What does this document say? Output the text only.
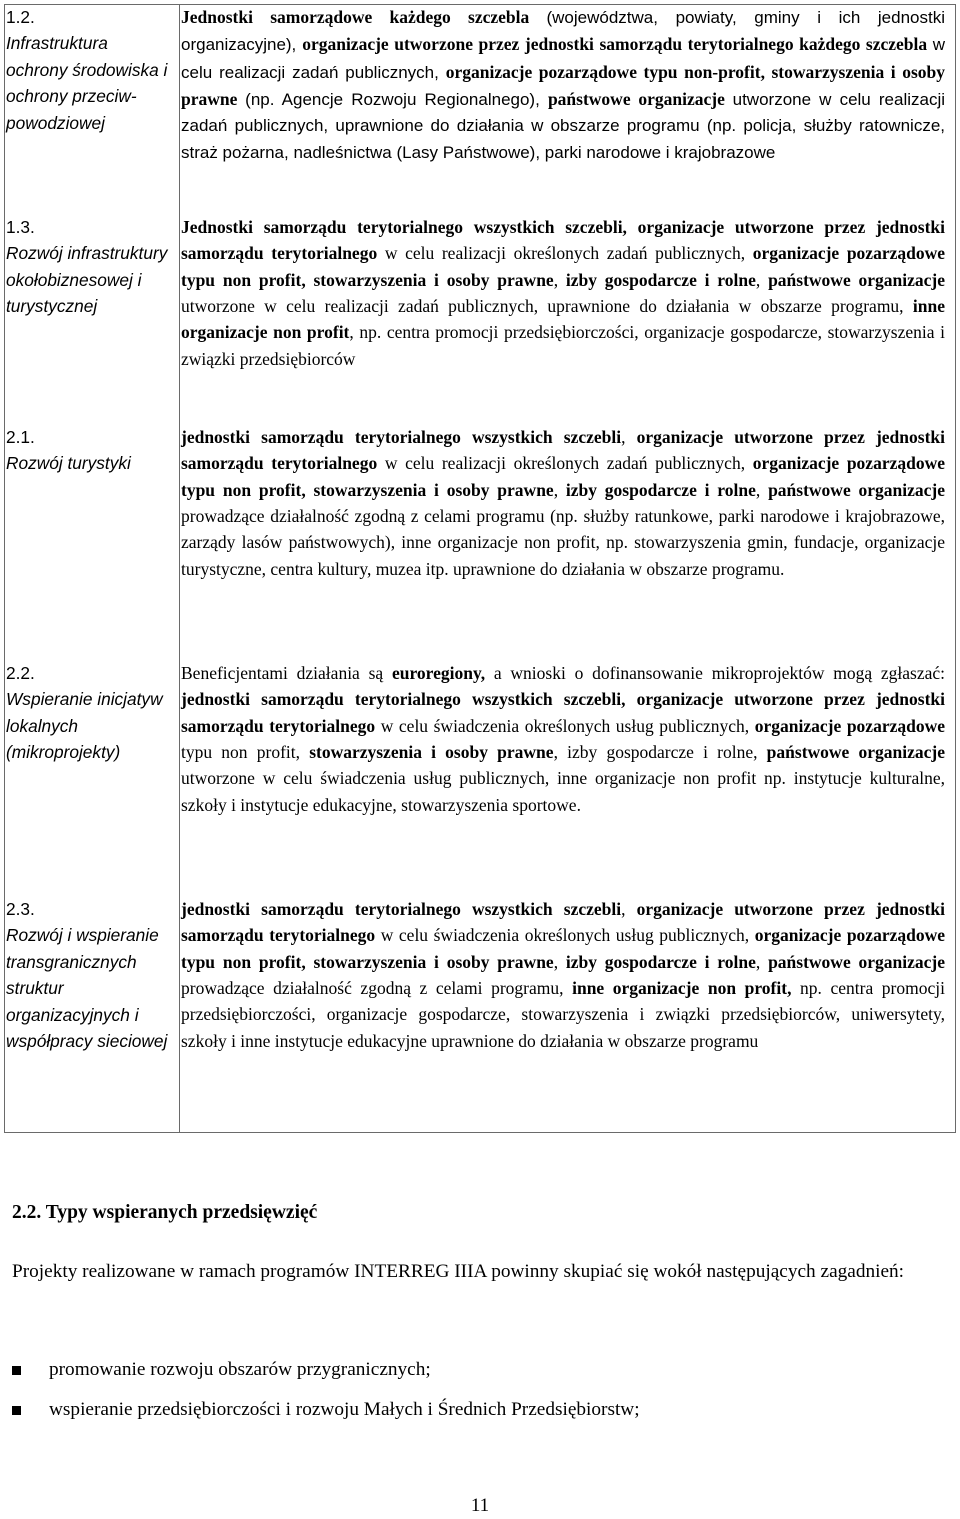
1.2.
Infrastruktura ochrony środowiska i ochrony przeciw-powodziowej
1.3.
Rozwój infrastruktury okołobiznesowej i turystycznej
2.1.
Rozwój turystyki
2.2.
Wspieranie inicjatyw lokalnych (mikroprojekty)
2.3.
Rozwój i wspieranie transgranicznych struktur organizacyjnych i współpracy sieciowej
Jednostki samorządowe każdego szczebla (województwa, powiaty, gminy i ich jednostki organizacyjne), organizacje utworzone przez jednostki samorządu terytorialnego każdego szczebla w celu realizacji zadań publicznych, organizacje pozarządowe typu non-profit, stowarzyszenia i osoby prawne (np. Agencje Rozwoju Regionalnego), państwowe organizacje utworzone w celu realizacji zadań publicznych, uprawnione do działania w obszarze programu (np. policja, służby ratownicze, straż pożarna, nadleśnictwa (Lasy Państwowe), parki narodowe i krajobrazowe
Jednostki samorządu terytorialnego wszystkich szczebli, organizacje utworzone przez jednostki samorządu terytorialnego w celu realizacji określonych zadań publicznych, organizacje pozarządowe typu non profit, stowarzyszenia i osoby prawne, izby gospodarcze i rolne, państwowe organizacje utworzone w celu realizacji zadań publicznych, uprawnione do działania w obszarze programu, inne organizacje non profit, np. centra promocji przedsiębiorczości, organizacje gospodarcze, stowarzyszenia i związki przedsiębiorców
jednostki samorządu terytorialnego wszystkich szczebli, organizacje utworzone przez jednostki samorządu terytorialnego w celu realizacji określonych zadań publicznych, organizacje pozarządowe typu non profit, stowarzyszenia i osoby prawne, izby gospodarcze i rolne, państwowe organizacje prowadzące działalność zgodną z celami programu (np. służby ratunkowe, parki narodowe i krajobrazowe, zarządy lasów państwowych), inne organizacje non profit, np. stowarzyszenia gmin, fundacje, organizacje turystyczne, centra kultury, muzea itp. uprawnione do działania w obszarze programu.
Beneficjentami działania są euroregiony, a wnioski o dofinansowanie mikroprojektów mogą zgłaszać: jednostki samorządu terytorialnego wszystkich szczebli, organizacje utworzone przez jednostki samorządu terytorialnego w celu świadczenia określonych usług publicznych, organizacje pozarządowe typu non profit, stowarzyszenia i osoby prawne, izby gospodarcze i rolne, państwowe organizacje utworzone w celu świadczenia usług publicznych, inne organizacje non profit np. instytucje kulturalne, szkoły i instytucje edukacyjne, stowarzyszenia sportowe.
jednostki samorządu terytorialnego wszystkich szczebli, organizacje utworzone przez jednostki samorządu terytorialnego w celu świadczenia określonych usług publicznych, organizacje pozarządowe typu non profit, stowarzyszenia i osoby prawne, izby gospodarcze i rolne, państwowe organizacje prowadzące działalność zgodną z celami programu, inne organizacje non profit, np. centra promocji przedsiębiorczości, organizacje gospodarcze, stowarzyszenia i związki przedsiębiorców, uniwersytety, szkoły i inne instytucje edukacyjne uprawnione do działania w obszarze programu
2.2. Typy wspieranych przedsięwzięć
Projekty realizowane w ramach programów INTERREG IIIA powinny skupiać się wokół następujących zagadnień:
promowanie rozwoju obszarów przygranicznych;
wspieranie przedsiębiorczości i rozwoju Małych i Średnich Przedsiębiorstw;
11
